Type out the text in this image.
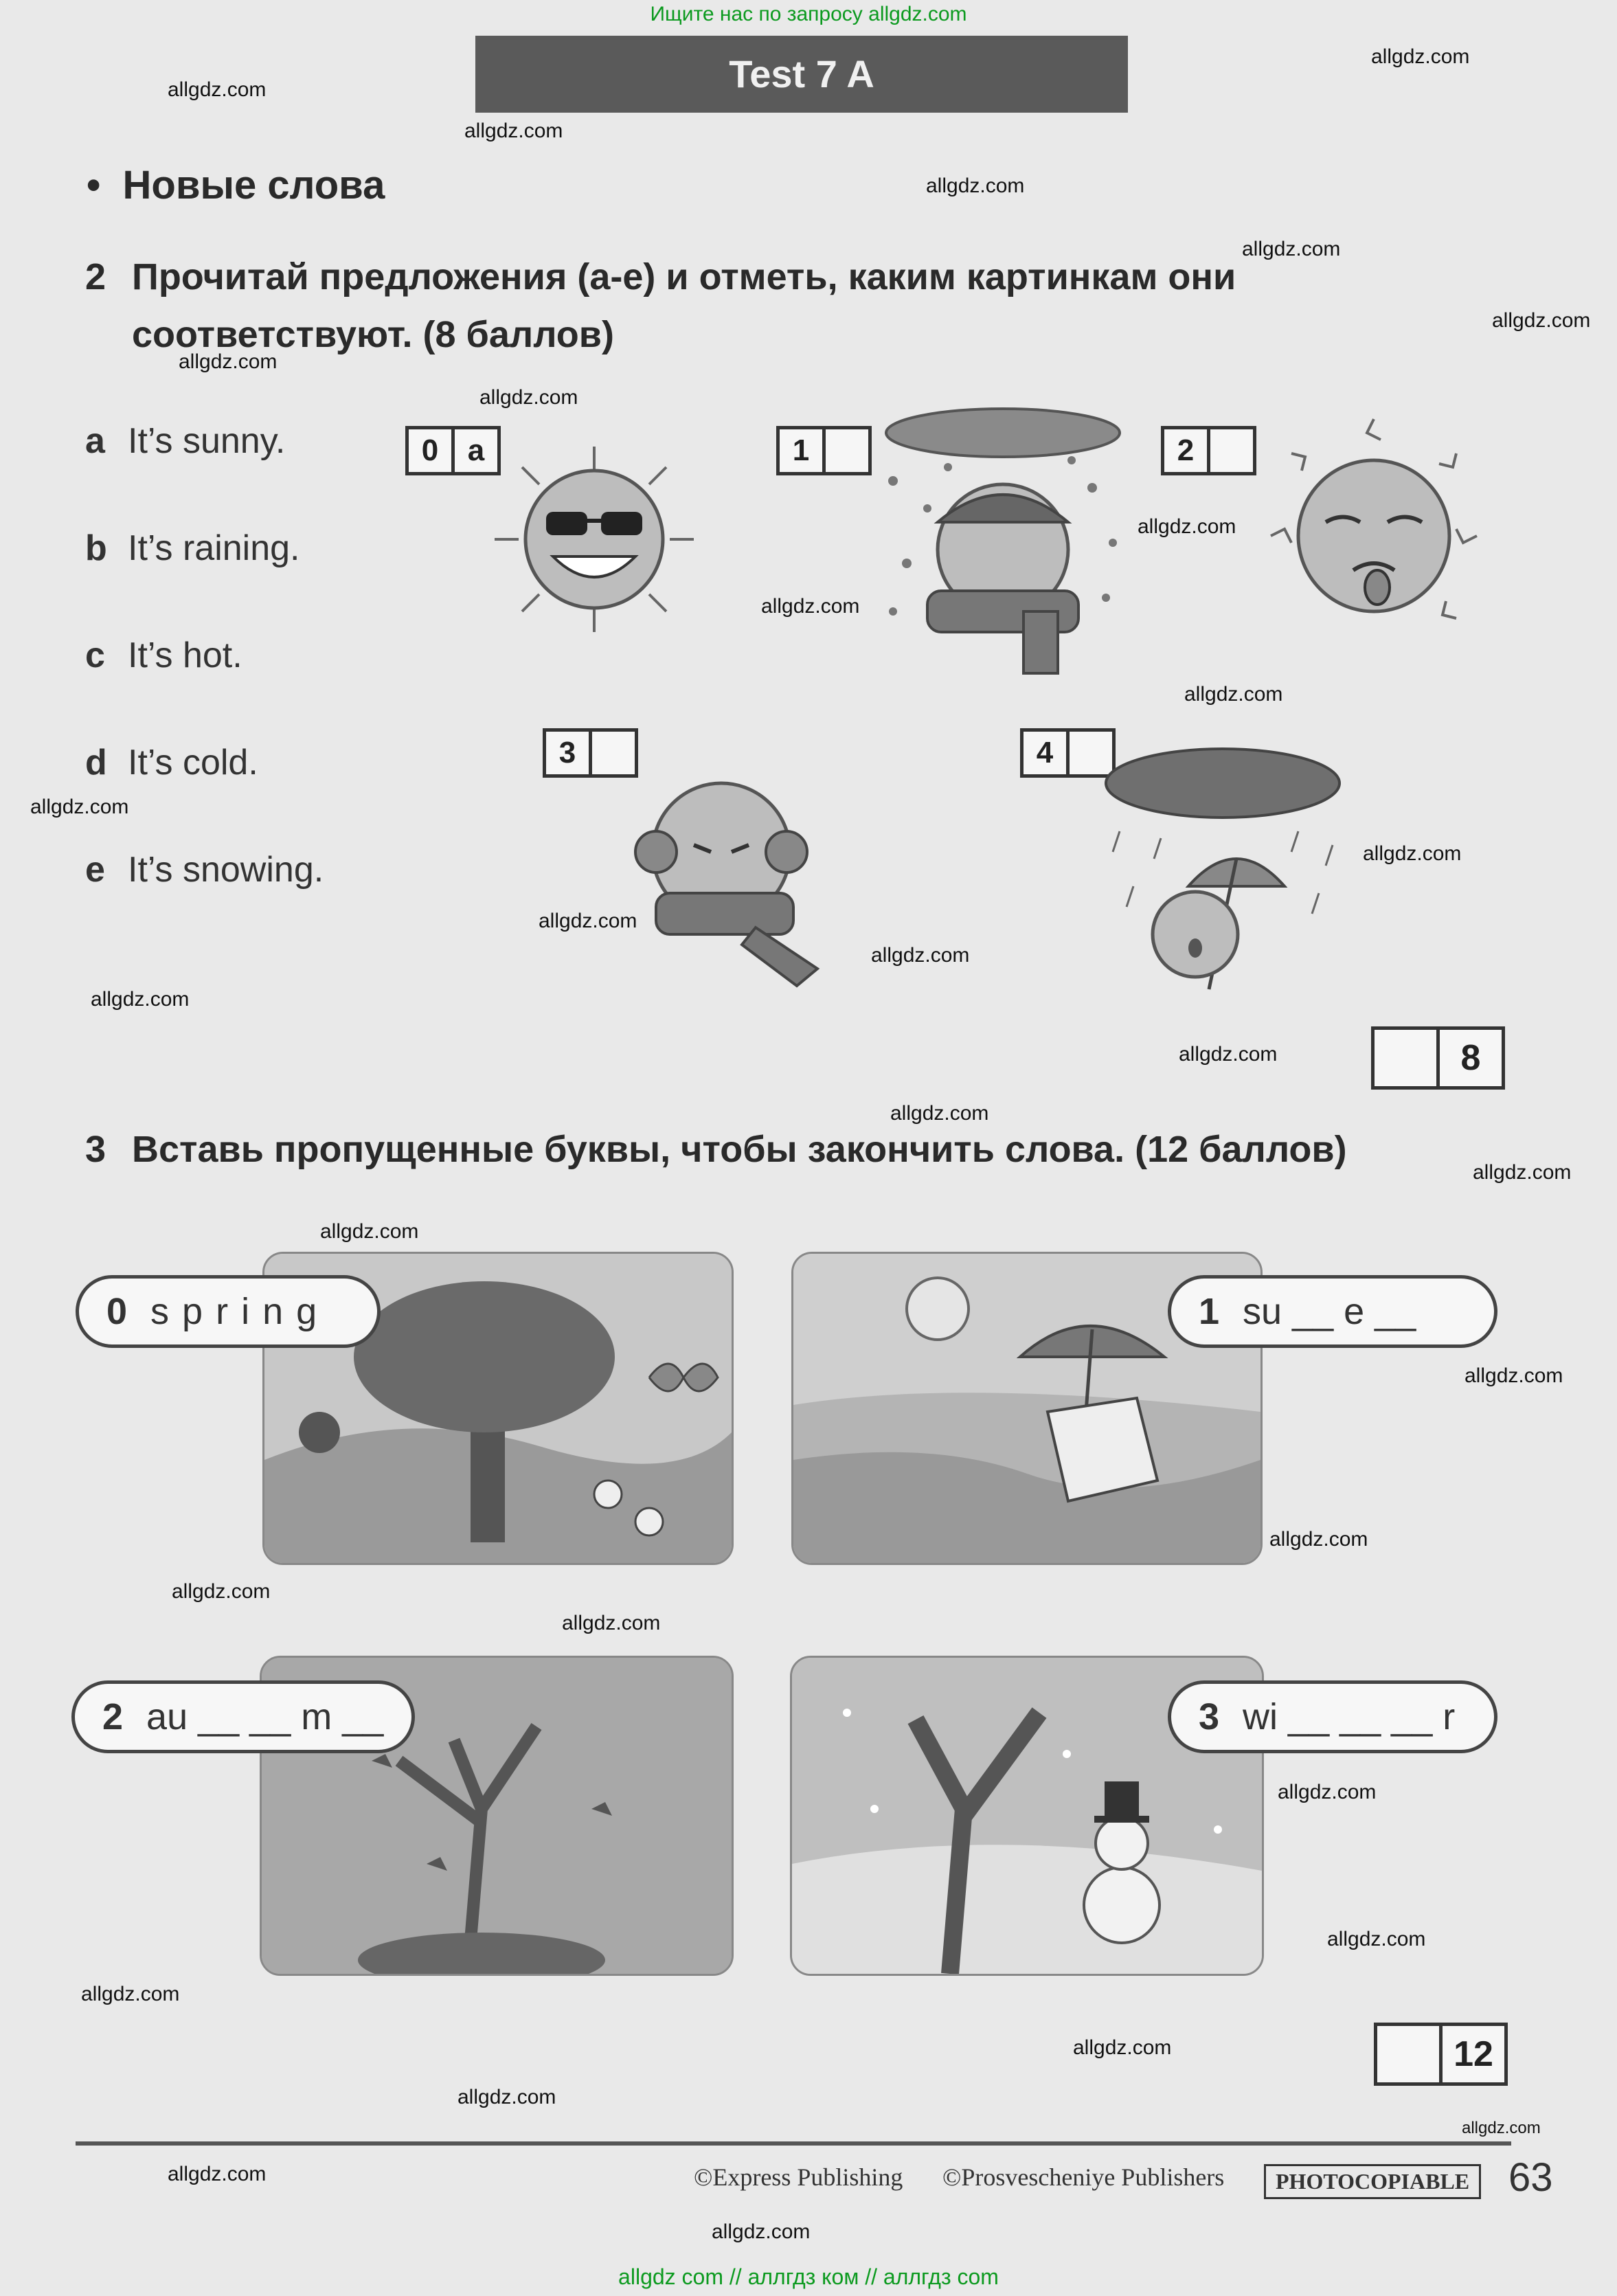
Ищите нас по запросу allgdz.com
Test 7 A
•  Новые слова
2 Прочитай предложения (а-е) и отметь, каким картинкам они
соответствуют. (8 баллов)
a It’s sunny.
b It’s raining.
c It’s hot.
d It’s cold.
e It’s snowing.
0 a	1	2
3	4
8
3 Вставь пропущенные буквы, чтобы закончить слова. (12 баллов)
0 s p r i n g	1 su __ e __
2 au __ __ m __	3 wi __ __ __ r
12
©Express Publishing ©Prosvescheniye Publishers	PHOTOCOPIABLE 63
allgdz.com
allgdz.com
allgdz.com
allgdz.com
allgdz.com
allgdz.com
allgdz.com
allgdz.com
allgdz.com
allgdz.com
allgdz.com
allgdz.com
allgdz.com
allgdz.com
allgdz.com
allgdz.com
allgdz.com
allgdz.com
allgdz.com
allgdz.com
allgdz.com
allgdz.com
allgdz.com
allgdz.com
allgdz.com
allgdz.com
allgdz.com
allgdz.com
allgdz.com
allgdz.com
allgdz.com
allgdz.com
allgdz com // аллгдз ком // аллгдз com
